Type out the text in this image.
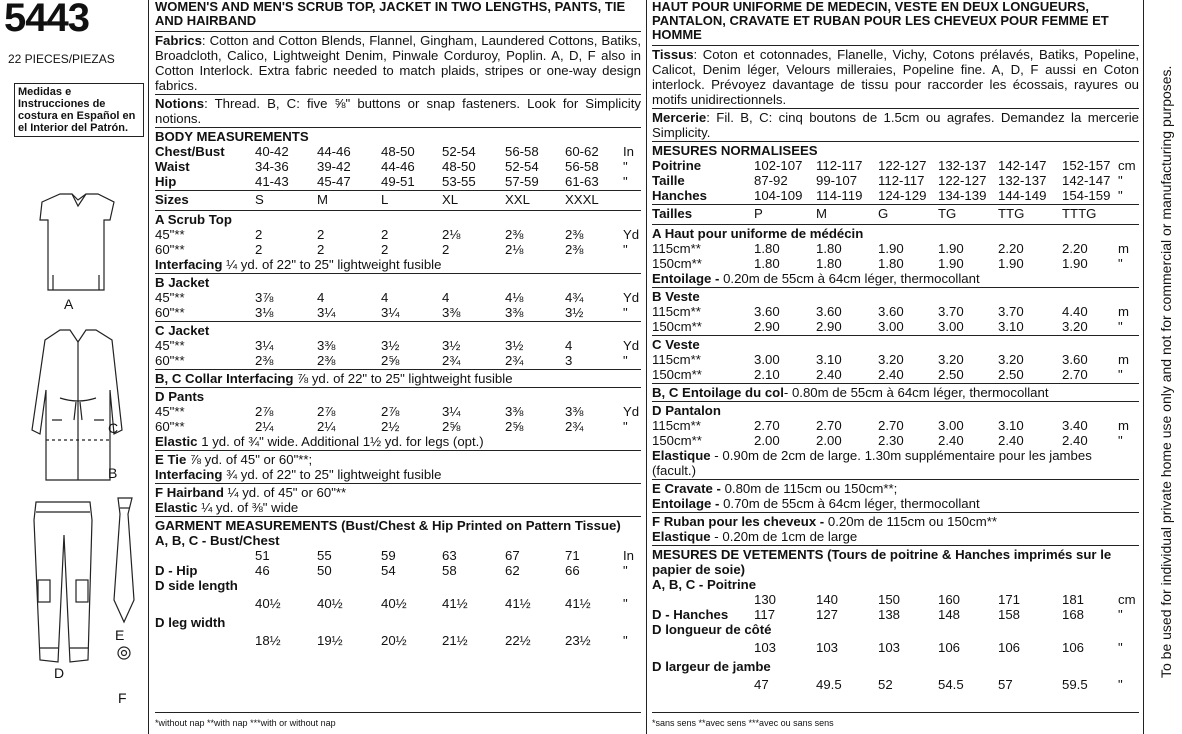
5443
22 PIECES/PIEZAS
Medidas e Instrucciones de costura en Español en el Interior del Patrón.
A
C
B
E
D
F
WOMEN'S AND MEN'S SCRUB TOP, JACKET IN TWO LENGTHS, PANTS, TIE AND HAIRBAND
Fabrics: Cotton and Cotton Blends, Flannel, Gingham, Laundered Cottons, Batiks, Broadcloth, Calico, Lightweight Denim, Pinwale Corduroy, Poplin. A, D, F also in Cotton Interlock. Extra fabric needed to match plaids, stripes or one-way design fabrics.
Notions: Thread. B, C: five ⅝" buttons or snap fasteners. Look for Simplicity notions.
BODY MEASUREMENTS
Chest/Bust 40-42 44-46 48-50 52-54 56-58 60-62 In
Waist	34-36 39-42 44-46 48-50 52-54 56-58 "
Hip	41-43 45-47 49-51 53-55 57-59 61-63 "
Sizes	S	M	L	XL	XXL	XXXL
A Scrub Top
45"**	2	2	2	2⅛	2⅜	2⅜	Yd
60"**	2	2	2	2	2⅛	2⅜	"
Interfacing ¼ yd. of 22" to 25" lightweight fusible
B Jacket
45"**	3⅞	4	4	4	4⅛	4¾	Yd
60"**	3⅛	3¼	3¼	3⅜	3⅜	3½	"
C Jacket
45"**	3¼	3⅜	3½	3½	3½	4	Yd
60"**	2⅜	2⅜	2⅝	2¾	2¾	3	"
B, C Collar Interfacing ⅞ yd. of 22" to 25" lightweight fusible
D Pants
45"**	2⅞	2⅞	2⅞	3¼	3⅜	3⅜	Yd
60"**	2¼	2¼	2½	2⅝	2⅝	2¾	"
Elastic 1 yd. of ¾" wide. Additional 1½ yd. for legs (opt.)
E Tie ⅞ yd. of 45" or 60"**;
Interfacing ¾ yd. of 22" to 25" lightweight fusible
F Hairband ¼ yd. of 45" or 60"**
Elastic ¼ yd. of ⅜" wide
GARMENT MEASUREMENTS (Bust/Chest & Hip Printed on Pattern Tissue)
A, B, C - Bust/Chest
51	55	59	63	67	71	In
D - Hip	46	50	54	58	62	66	"
D side length
40½	40½	40½	41½	41½	41½ "
D leg width
18½	19½	20½	21½	22½	23½ "
*without nap **with nap ***with or without nap
HAUT POUR UNIFORME DE MEDECIN, VESTE EN DEUX LONGUEURS, PANTALON, CRAVATE ET RUBAN POUR LES CHEVEUX POUR FEMME ET HOMME
Tissus: Coton et cotonnades, Flanelle, Vichy, Cotons prélavés, Batiks, Popeline, Calicot, Denim léger, Velours milleraies, Popeline fine. A, D, F aussi en Coton interlock. Prévoyez davantage de tissu pour raccorder les écossais, rayures ou motifs unidirectionnels.
Mercerie: Fil. B, C: cinq boutons de 1.5cm ou agrafes. Demandez la mercerie Simplicity.
MESURES NORMALISEES
Poitrine	102-107 112-117 122-127 132-137 142-147 152-157 cm
Taille	87-92 99-107 112-117 122-127 132-137 142-147 "
Hanches	104-109 114-119 124-129 134-139 144-149 154-159 "
Tailles	P	M	G	TG	TTG	TTTG
A Haut pour uniforme de médécin
115cm**	1.80	1.80	1.90	1.90	2.20	2.20 m
150cm**	1.80	1.80	1.80	1.90	1.90	1.90 "
Entoilage - 0.20m de 55cm à 64cm léger, thermocollant
B Veste
115cm**	3.60	3.60	3.60	3.70	3.70	4.40 m
150cm**	2.90	2.90	3.00	3.00	3.10	3.20 "
C Veste
115cm**	3.00	3.10	3.20	3.20	3.20	3.60 m
150cm**	2.10	2.40	2.40	2.50	2.50	2.70 "
B, C Entoilage du col- 0.80m de 55cm à 64cm léger, thermocollant
D Pantalon
115cm**	2.70	2.70	2.70	3.00	3.10	3.40 m
150cm**	2.00	2.00	2.30	2.40	2.40	2.40 "
Elastique - 0.90m de 2cm de large. 1.30m supplémentaire pour les jambes (facult.)
E Cravate - 0.80m de 115cm ou 150cm**;
Entoilage - 0.70m de 55cm à 64cm léger, thermocollant
F Ruban pour les cheveux - 0.20m de 115cm ou 150cm**
Elastique - 0.20m de 1cm de large
MESURES DE VETEMENTS (Tours de poitrine & Hanches imprimés sur le papier de soie)
A, B, C - Poitrine
130	140	150	160	171	181	cm
D - Hanches 117	127	138	148	158	168	"
D longueur de côté
103	103	103	106	106	106	"
D largeur de jambe
47	49.5	52	54.5	57	59.5 "
*sans sens **avec sens ***avec ou sans sens
To be used for individual private home use only and not for commercial or manufacturing purposes.
